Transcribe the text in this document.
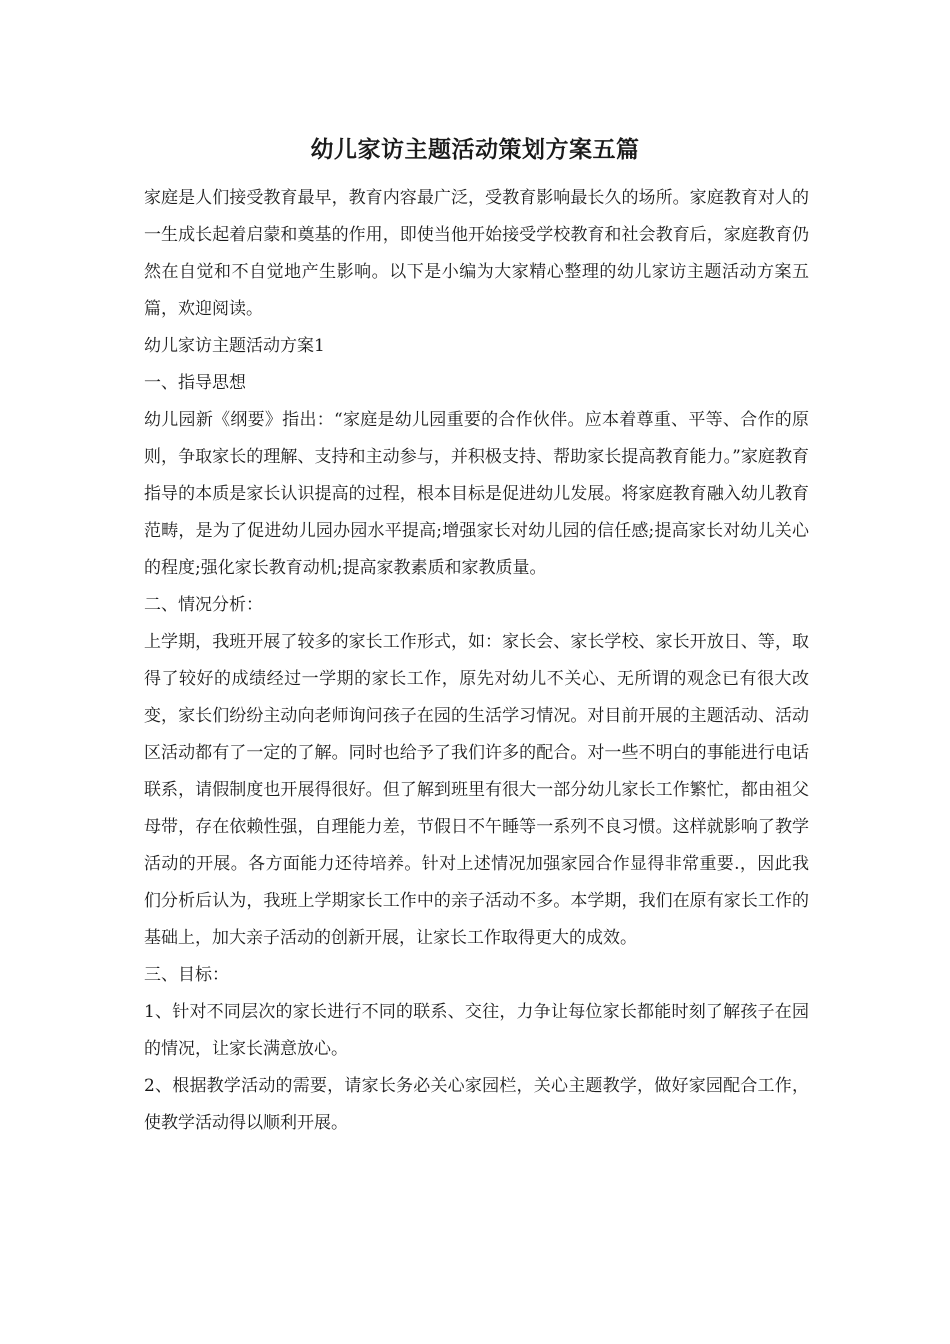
幼儿家访主题活动策划方案五篇

家庭是人们接受教育最早，教育内容最广泛，受教育影响最长久的场所。家庭教育对人的一生成长起着启蒙和奠基的作用，即使当他开始接受学校教育和社会教育后，家庭教育仍然在自觉和不自觉地产生影响。以下是小编为大家精心整理的幼儿家访主题活动方案五篇，欢迎阅读。

幼儿家访主题活动方案1

一、指导思想

幼儿园新《纲要》指出：“家庭是幼儿园重要的合作伙伴。应本着尊重、平等、合作的原则，争取家长的理解、支持和主动参与，并积极支持、帮助家长提高教育能力。”家庭教育指导的本质是家长认识提高的过程，根本目标是促进幼儿发展。将家庭教育融入幼儿教育范畴，是为了促进幼儿园办园水平提高;增强家长对幼儿园的信任感;提高家长对幼儿关心的程度;强化家长教育动机;提高家教素质和家教质量。

二、情况分析：

上学期，我班开展了较多的家长工作形式，如：家长会、家长学校、家长开放日、等，取得了较好的成绩经过一学期的家长工作，原先对幼儿不关心、无所谓的观念已有很大改变，家长们纷纷主动向老师询问孩子在园的生活学习情况。对目前开展的主题活动、活动区活动都有了一定的了解。同时也给予了我们许多的配合。对一些不明白的事能进行电话联系，请假制度也开展得很好。但了解到班里有很大一部分幼儿家长工作繁忙，都由祖父母带，存在依赖性强，自理能力差，节假日不午睡等一系列不良习惯。这样就影响了教学活动的开展。各方面能力还待培养。针对上述情况加强家园合作显得非常重要.，因此我们分析后认为，我班上学期家长工作中的亲子活动不多。本学期，我们在原有家长工作的基础上，加大亲子活动的创新开展，让家长工作取得更大的成效。

三、目标：

1、针对不同层次的家长进行不同的联系、交往，力争让每位家长都能时刻了解孩子在园的情况，让家长满意放心。

2、根据教学活动的需要，请家长务必关心家园栏，关心主题教学，做好家园配合工作，使教学活动得以顺利开展。
